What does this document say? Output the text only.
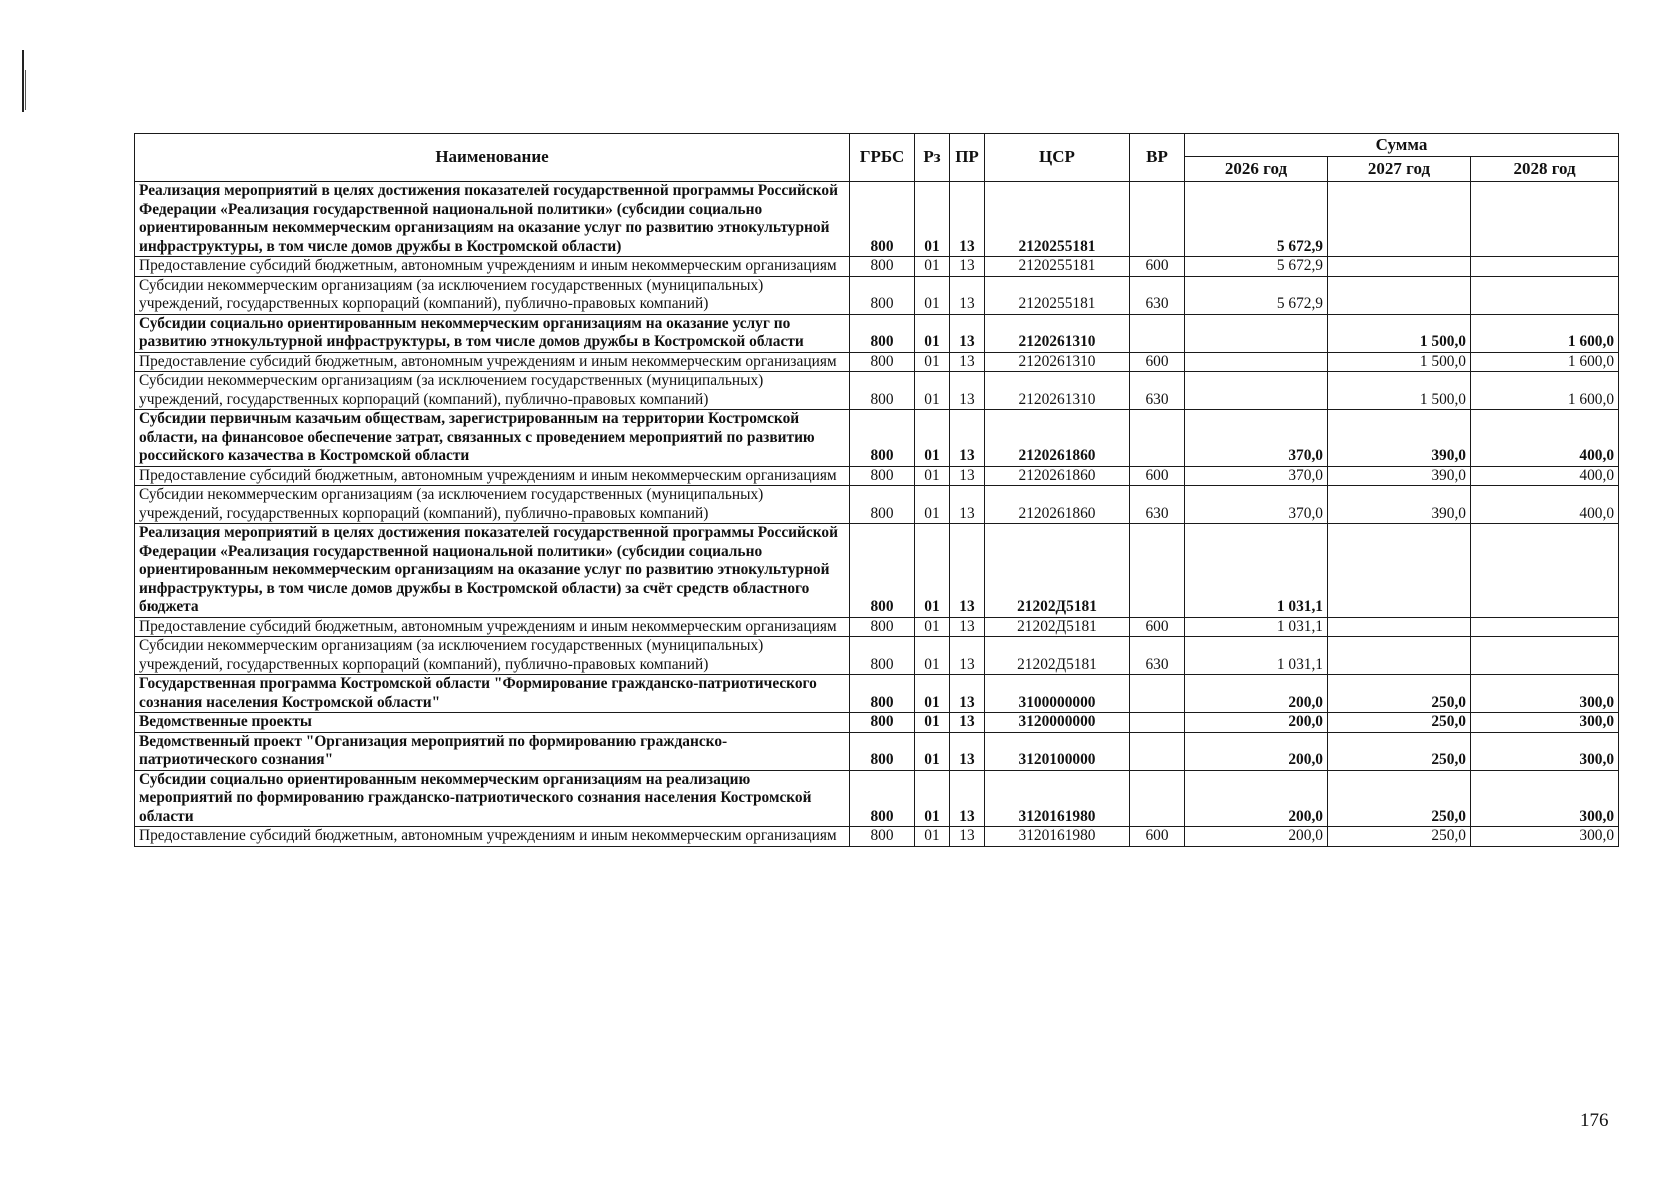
Наименование	ГРБС	Рз	ПР	ЦСР	ВР	Сумма		
						2026 год	2027 год	2028 год
Реализация мероприятий в целях достижения показателей государственной программы Российской Федерации «Реализация государственной национальной политики» (субсидии социально ориентированным некоммерческим организациям на оказание услуг по развитию этнокультурной инфраструктуры, в том числе домов дружбы в Костромской области)	800	01	13	2120255181		5 672,9		
Предоставление субсидий бюджетным, автономным учреждениям и иным некоммерческим организациям	800	01	13	2120255181	600	5 672,9		
Субсидии некоммерческим организациям (за исключением государственных (муниципальных) учреждений, государственных корпораций (компаний), публично-правовых компаний)	800	01	13	2120255181	630	5 672,9		
Субсидии социально ориентированным некоммерческим организациям на оказание услуг по развитию этнокультурной инфраструктуры, в том числе домов дружбы в Костромской области	800	01	13	2120261310			1 500,0	1 600,0
Предоставление субсидий бюджетным, автономным учреждениям и иным некоммерческим организациям	800	01	13	2120261310	600		1 500,0	1 600,0
Субсидии некоммерческим организациям (за исключением государственных (муниципальных) учреждений, государственных корпораций (компаний), публично-правовых компаний)	800	01	13	2120261310	630		1 500,0	1 600,0
Субсидии первичным казачьим обществам, зарегистрированным на территории Костромской области, на финансовое обеспечение затрат, связанных с проведением мероприятий по развитию российского казачества в Костромской области	800	01	13	2120261860		370,0	390,0	400,0
Предоставление субсидий бюджетным, автономным учреждениям и иным некоммерческим организациям	800	01	13	2120261860	600	370,0	390,0	400,0
Субсидии некоммерческим организациям (за исключением государственных (муниципальных) учреждений, государственных корпораций (компаний), публично-правовых компаний)	800	01	13	2120261860	630	370,0	390,0	400,0
Реализация мероприятий в целях достижения показателей государственной программы Российской Федерации «Реализация государственной национальной политики» (субсидии социально ориентированным некоммерческим организациям на оказание услуг по развитию этнокультурной инфраструктуры, в том числе домов дружбы в Костромской области) за счёт средств областного бюджета	800	01	13	21202Д5181		1 031,1		
Предоставление субсидий бюджетным, автономным учреждениям и иным некоммерческим организациям	800	01	13	21202Д5181	600	1 031,1		
Субсидии некоммерческим организациям (за исключением государственных (муниципальных) учреждений, государственных корпораций (компаний), публично-правовых компаний)	800	01	13	21202Д5181	630	1 031,1		
Государственная программа Костромской области "Формирование гражданско-патриотического сознания населения Костромской области"	800	01	13	3100000000		200,0	250,0	300,0
Ведомственные проекты	800	01	13	3120000000		200,0	250,0	300,0
Ведомственный проект "Организация мероприятий по формированию гражданско-патриотического сознания"	800	01	13	3120100000		200,0	250,0	300,0
Субсидии социально ориентированным некоммерческим организациям на реализацию мероприятий по формированию гражданско-патриотического сознания населения Костромской области	800	01	13	3120161980		200,0	250,0	300,0
Предоставление субсидий бюджетным, автономным учреждениям и иным некоммерческим организациям	800	01	13	3120161980	600	200,0	250,0	300,0
176
